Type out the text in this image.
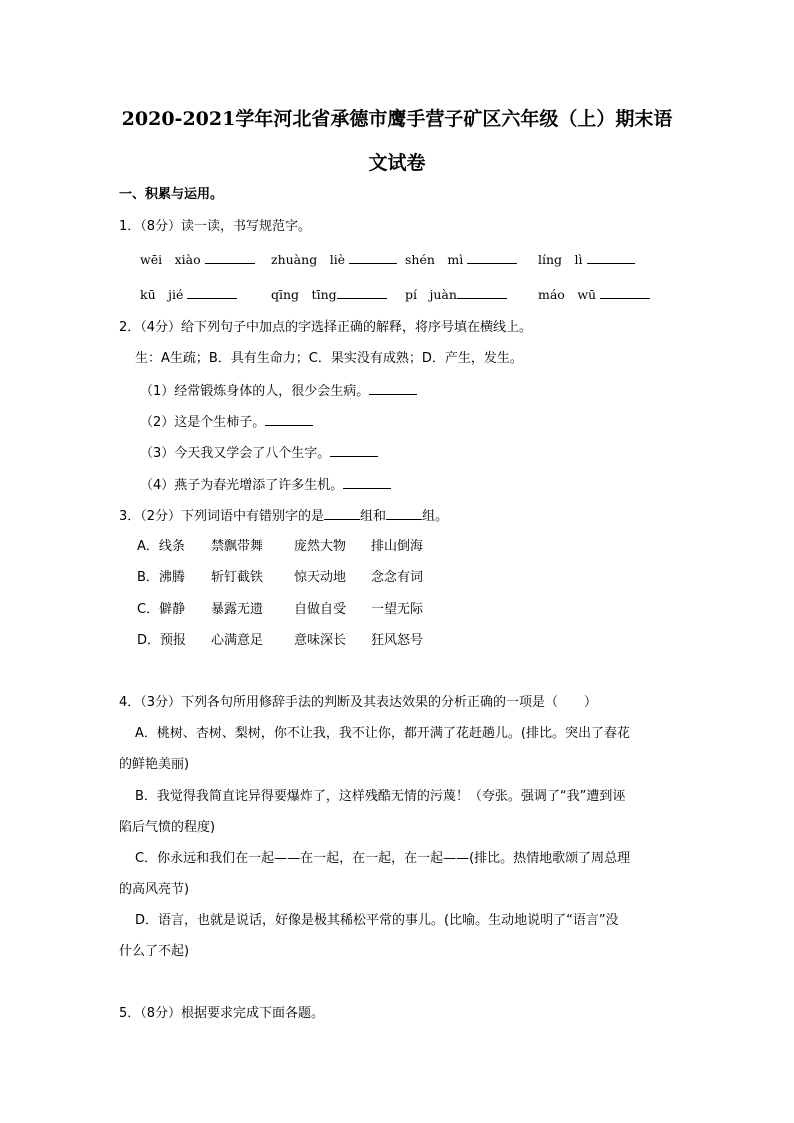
2020-2021学年河北省承德市鹰手营子矿区六年级（上）期末语
文试卷
一、积累与运用。
1．（8分）读一读，书写规范字。
wēi　xiào	zhuàng　liè	shén　mì	líng　lì
kū　jié	qīng　tīng	pí　juàn	máo　wū
2．（4分）给下列句子中加点的字选择正确的解释，将序号填在横线上。
生：A生疏；B．具有生命力；C．果实没有成熟；D．产生，发生。
（1）经常锻炼身体的人，很少会生病。
（2）这是个生柿子。
（3）今天我又学会了八个生字。
（4）燕子为春光增添了许多生机。
3．（2分）下列词语中有错别字的是	组和	组。
A．线条 禁飘带舞 庞然大物 排山倒海
B．沸腾 斩钉截铁 惊天动地 念念有词
C．僻静 暴露无遗 自做自受 一望无际
D．预报 心满意足 意味深长 狂风怒号
4．（3分）下列各句所用修辞手法的判断及其表达效果的分析正确的一项是（　　）
A．桃树、杏树、梨树，你不让我，我不让你，都开满了花赶趟儿。(排比。突出了春花
的鲜艳美丽)
B．我觉得我简直诧异得要爆炸了，这样残酷无情的污蔑！（夸张。强调了“我”遭到诬
陷后气愤的程度)
C．你永远和我们在一起——在一起，在一起，在一起——(排比。热情地歌颂了周总理
的高风亮节)
D．语言，也就是说话，好像是极其稀松平常的事儿。(比喻。生动地说明了“语言”没
什么了不起)
5．（8分）根据要求完成下面各题。
